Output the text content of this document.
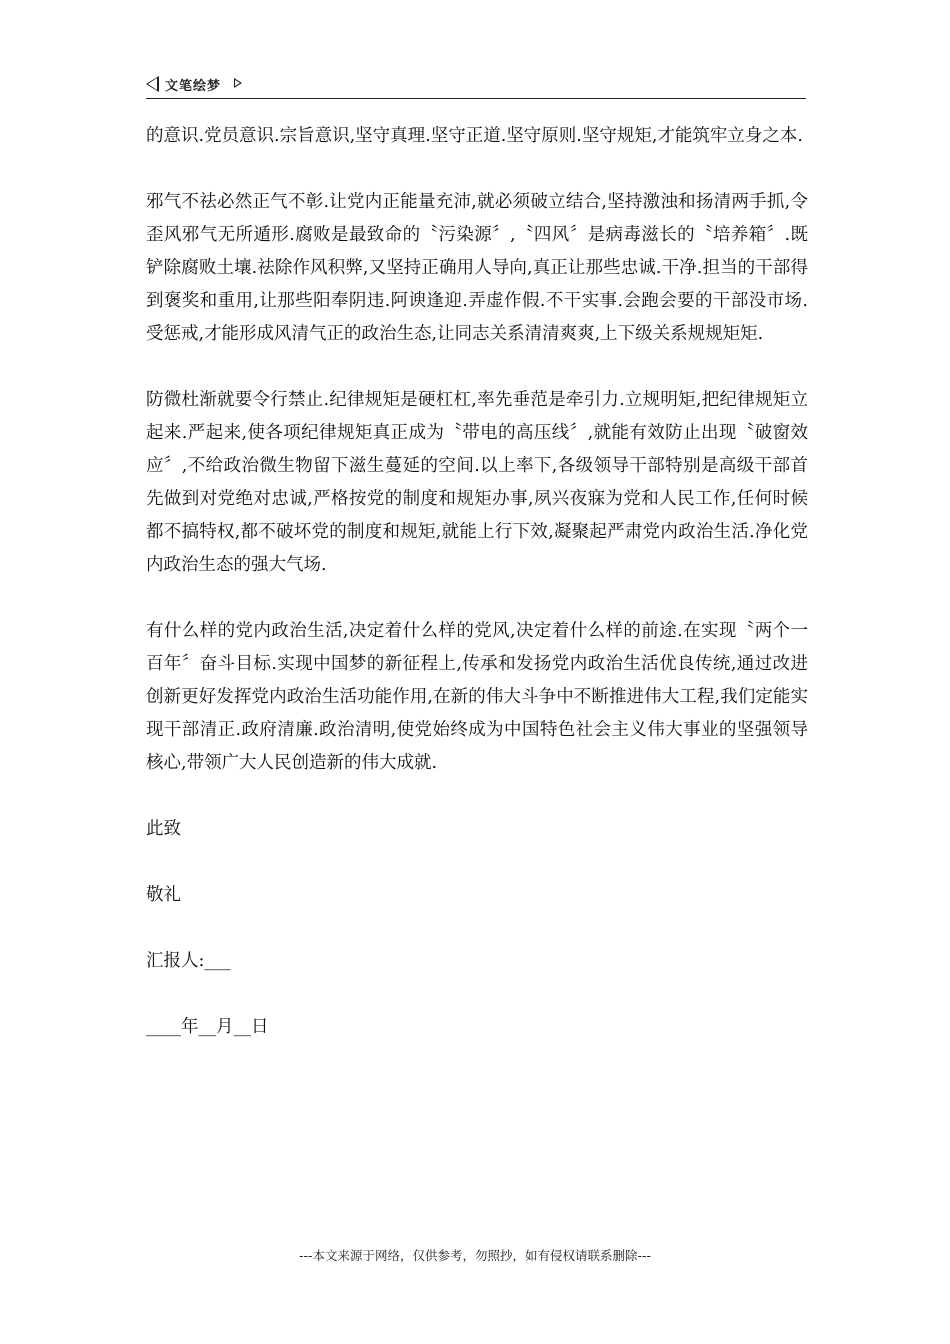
文笔绘梦

的意识.党员意识.宗旨意识,坚守真理.坚守正道.坚守原则.坚守规矩,才能筑牢立身之本.

邪气不祛必然正气不彰.让党内正能量充沛,就必须破立结合,坚持激浊和扬清两手抓,令歪风邪气无所遁形.腐败是最致命的〝污染源〞,〝四风〞是病毒滋长的〝培养箱〞.既铲除腐败土壤.祛除作风积弊,又坚持正确用人导向,真正让那些忠诚.干净.担当的干部得到褒奖和重用,让那些阳奉阴违.阿谀逢迎.弄虚作假.不干实事.会跑会要的干部没市场.受惩戒,才能形成风清气正的政治生态,让同志关系清清爽爽,上下级关系规规矩矩.

防微杜渐就要令行禁止.纪律规矩是硬杠杠,率先垂范是牵引力.立规明矩,把纪律规矩立起来.严起来,使各项纪律规矩真正成为〝带电的高压线〞,就能有效防止出现〝破窗效应〞,不给政治微生物留下滋生蔓延的空间.以上率下,各级领导干部特别是高级干部首先做到对党绝对忠诚,严格按党的制度和规矩办事,夙兴夜寐为党和人民工作,任何时候都不搞特权,都不破坏党的制度和规矩,就能上行下效,凝聚起严肃党内政治生活.净化党内政治生态的强大气场.

有什么样的党内政治生活,决定着什么样的党风,决定着什么样的前途.在实现〝两个一百年〞奋斗目标.实现中国梦的新征程上,传承和发扬党内政治生活优良传统,通过改进创新更好发挥党内政治生活功能作用,在新的伟大斗争中不断推进伟大工程,我们定能实现干部清正.政府清廉.政治清明,使党始终成为中国特色社会主义伟大事业的坚强领导核心,带领广大人民创造新的伟大成就.

此致

敬礼

汇报人:___

____年__月__日

---本文来源于网络，仅供参考，勿照抄，如有侵权请联系删除---
